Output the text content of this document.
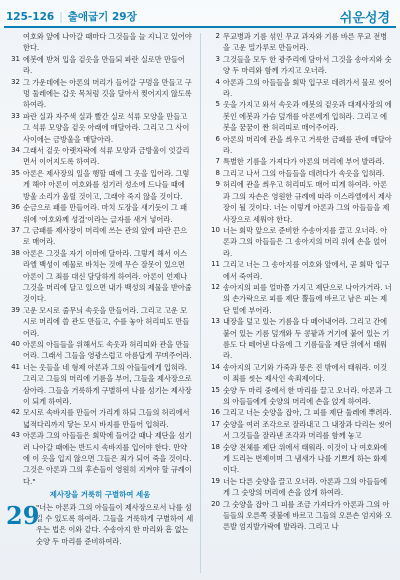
125-126 | 출애굽기 29장	쉬운성경

여호와 앞에 나아갈 때마다 그것들을 늘 지니고 있어야 한다.

31 에봇에 받쳐 입을 겉옷을 만들되 파란 실로만 만들어라.

32 그 가운데에는 아론의 머리가 들어갈 구멍을 만들고 구멍 둘레에는 갑옷 목처럼 깃을 달아서 찢어지지 않도록 하여라.

33 파란 실과 자주색 실과 빨간 실로 석류 모양을 만들고 그 석류 모양을 겉옷 아래에 매달아라. 그리고 그 사이사이에는 금방울을 매달아라.

34 그래서 겉옷 아랫자락에 석류 모양과 금방울이 엇갈리면서 이어지도록 하여라.

35 아론은 제사장의 일을 행할 때에 그 옷을 입어라. 그렇게 해야 아론이 여호와를 섬기러 성소에 드나들 때에 방울 소리가 울릴 것이고, 그래야 죽지 않을 것이다.

36 순금으로 패를 만들어라. 마치 도장을 새기듯이 그 패 위에 '여호와께 성결'이라는 글자를 새겨 넣어라.

37 그 금패를 제사장이 머리에 쓰는 관의 앞에 파란 끈으로 매어라.

38 아론은 그것을 자기 이마에 달아라. 그렇게 해서 이스라엘 백성이 예물로 바치는 것에 무슨 잘못이 있으면 아론이 그 죄를 대신 담당하게 하여라. 아론이 언제나 그것을 머리에 달고 있으면 내가 백성의 제물을 받아줄 것이다.

39 고운 모시로 줄무늬 속옷을 만들어라. 그리고 고운 모시로 머리에 쓸 관도 만들고, 수를 놓아 허리띠도 만들어라.

40 아론의 아들들을 위해서도 속옷과 허리띠와 관을 만들어라. 그래서 그들을 영광스럽고 아름답게 꾸며주어라.

41 너는 옷들을 네 형제 아론과 그의 아들들에게 입혀라. 그리고 그들의 머리에 기름을 부어, 그들을 제사장으로 삼아라. 그들을 거룩하게 구별하여 나를 섬기는 제사장이 되게 하여라.

42 모시로 속바지를 만들어 가리게 하되 그들의 허리에서 넓적다리까지 닿는 모시 바지를 만들어 입혀라.

43 아론과 그의 아들들은 회막에 들어갈 때나 제단을 섬기러 나아갈 때에는 반드시 속바지를 입어야 한다. 만약에 이 옷을 입지 않으면 그들은 죄가 되어 죽을 것이다. 그것은 아론과 그의 후손들이 영원히 지켜야 할 규례이다."

제사장을 거룩히 구별하여 세움
29
"너는 아론과 그의 아들들이 제사장으로서 나를 섬길 수 있도록 하여라. 그들을 거룩하게 구별하여 세우는 법은 이와 같다. 수송아지 한 마리와 흠 없는 숫양 두 마리를 준비하여라.

2 무교병과 기름 섞인 무교 과자와 기름 바른 무교 전병을 고운 밀가루로 만들어라.

3 그것들을 모두 한 광주리에 담아서 그것을 송아지와 숫양 두 마리와 함께 가지고 오너라.

4 아론과 그의 아들들을 회막 입구로 데려가서 물로 씻어라.

5 옷을 가지고 와서 속옷과 에봇의 겉옷과 대제사장의 에봇인 에봇과 가슴 덮개를 아론에게 입혀라. 그리고 에봇을 꿈꿈이 짠 허리띠로 매어주어라.

6 아론의 머리에 관을 씌우고 거룩한 금패를 관에 매달아라.

7 특별한 기름을 가져다가 아론의 머리에 부어 발라라.

8 그리고 나서 그의 아들들을 데려다가 속옷을 입혀라.

9 허리에 관을 씌우고 허리띠도 매어 띠게 하여라. 아론과 그의 자손은 영원한 규례에 따라 이스라엘에서 제사장이 될 것이다. 너는 이렇게 아론과 그의 아들들을 제사장으로 세워야 한다.

10 너는 회막 앞으로 준비한 수송아지를 끌고 오너라. 아론과 그의 아들들은 그 송아지의 머리 위에 손을 얹어라.

11 그리고 너는 그 송아지를 여호와 앞에서, 곧 회막 입구에서 죽여라.

12 송아지의 피를 얼마쯤 가지고 제단으로 나아가거라. 너의 손가락으로 피를 제단 뿔들에 바르고 남은 피는 제단 밑에 부어라.

13 내장을 덮고 있는 기름을 다 떼어내어라. 그리고 간에 붙어 있는 기름 덮개와 두 콩팥과 거기에 붙어 있는 기름도 다 떼어낸 다음에 그 기름들을 제단 위에서 태워라.

14 송아지의 고기와 가죽과 똥은 진 밖에서 태워라. 이것이 죄를 씻는 제사인 속죄제이다.

15 숫양 두 마리 중에서 한 마리를 끌고 오너라. 아론과 그의 아들들에게 숫양의 머리에 손을 얹게 하여라.

16 그리고 너는 숫양을 잡아, 그 피를 제단 둘레에 뿌려라.

17 숫양을 여러 조각으로 잘라내고 그 내장과 다리는 씻어서 그것들을 잘라낸 조각과 머리를 함께 놓고

18 숫양 전체를 제단 위에서 태워라. 이것이 나 여호와에게 드리는 번제이며 그 냄새가 나를 기쁘게 하는 화제이다.

19 너는 다른 숫양을 끌고 오너라. 아론과 그의 아들들에게 그 숫양의 머리에 손을 얹게 하여라.

20 그 숫양을 잡아 그 피를 조금 가져다가 아론과 그의 아들들의 오른쪽 귓불에 바르고 그들의 오른손 엄지와 오른발 엄지발가락에 발라라. 그리고 나
